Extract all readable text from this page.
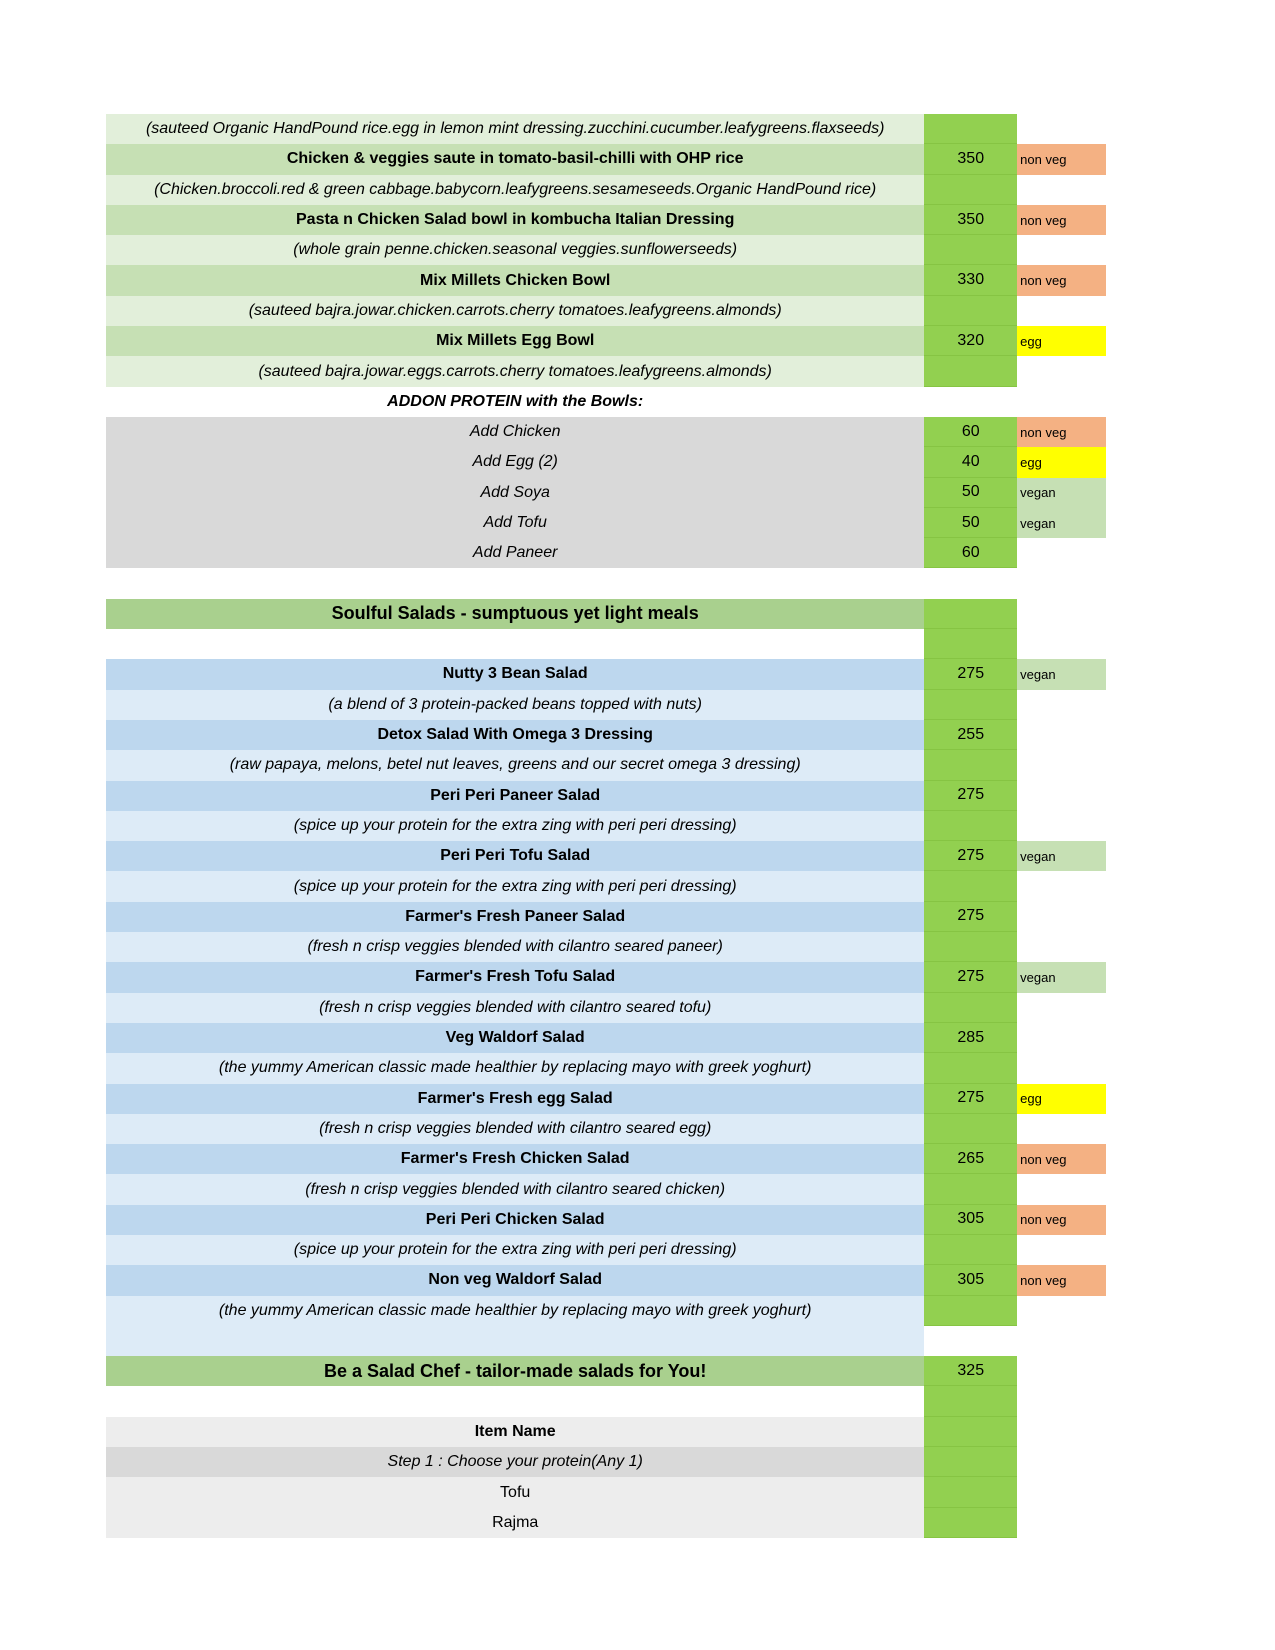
(sauteed Organic HandPound rice.egg in lemon mint dressing.zucchini.cucumber.leafygreens.flaxseeds)
Chicken & veggies saute in tomato-basil-chilli with OHP rice	350	non veg
(Chicken.broccoli.red & green cabbage.babycorn.leafygreens.sesameseeds.Organic HandPound rice)
Pasta n Chicken Salad bowl in kombucha Italian Dressing	350	non veg
(whole grain penne.chicken.seasonal veggies.sunflowerseeds)
Mix Millets Chicken Bowl	330	non veg
(sauteed bajra.jowar.chicken.carrots.cherry tomatoes.leafygreens.almonds)
Mix Millets Egg Bowl	320	egg
(sauteed bajra.jowar.eggs.carrots.cherry tomatoes.leafygreens.almonds)
ADDON PROTEIN with the Bowls:
Add Chicken	60	non veg
Add Egg (2)	40	egg
Add Soya	50	vegan
Add Tofu	50	vegan
Add Paneer	60
Soulful Salads - sumptuous yet light meals
Nutty 3 Bean Salad	275	vegan
(a blend of 3 protein-packed beans topped with nuts)
Detox Salad With Omega 3 Dressing	255
(raw papaya, melons, betel nut leaves, greens and our secret omega 3 dressing)
Peri Peri Paneer Salad	275
(spice up your protein for the extra zing with peri peri dressing)
Peri Peri Tofu Salad	275	vegan
(spice up your protein for the extra zing with peri peri dressing)
Farmer's Fresh Paneer Salad	275
(fresh n crisp veggies blended with cilantro seared paneer)
Farmer's Fresh Tofu Salad	275	vegan
(fresh n crisp veggies blended with cilantro seared tofu)
Veg Waldorf Salad	285
(the yummy American classic made healthier by replacing mayo with greek yoghurt)
Farmer's Fresh egg Salad	275	egg
(fresh n crisp veggies blended with cilantro seared egg)
Farmer's Fresh Chicken Salad	265	non veg
(fresh n crisp veggies blended with cilantro seared chicken)
Peri Peri Chicken Salad	305	non veg
(spice up your protein for the extra zing with peri peri dressing)
Non veg Waldorf Salad	305	non veg
(the yummy American classic made healthier by replacing mayo with greek yoghurt)
Be a Salad Chef - tailor-made salads for You!	325
Item Name
Step 1 : Choose your protein(Any 1)
Tofu
Rajma
